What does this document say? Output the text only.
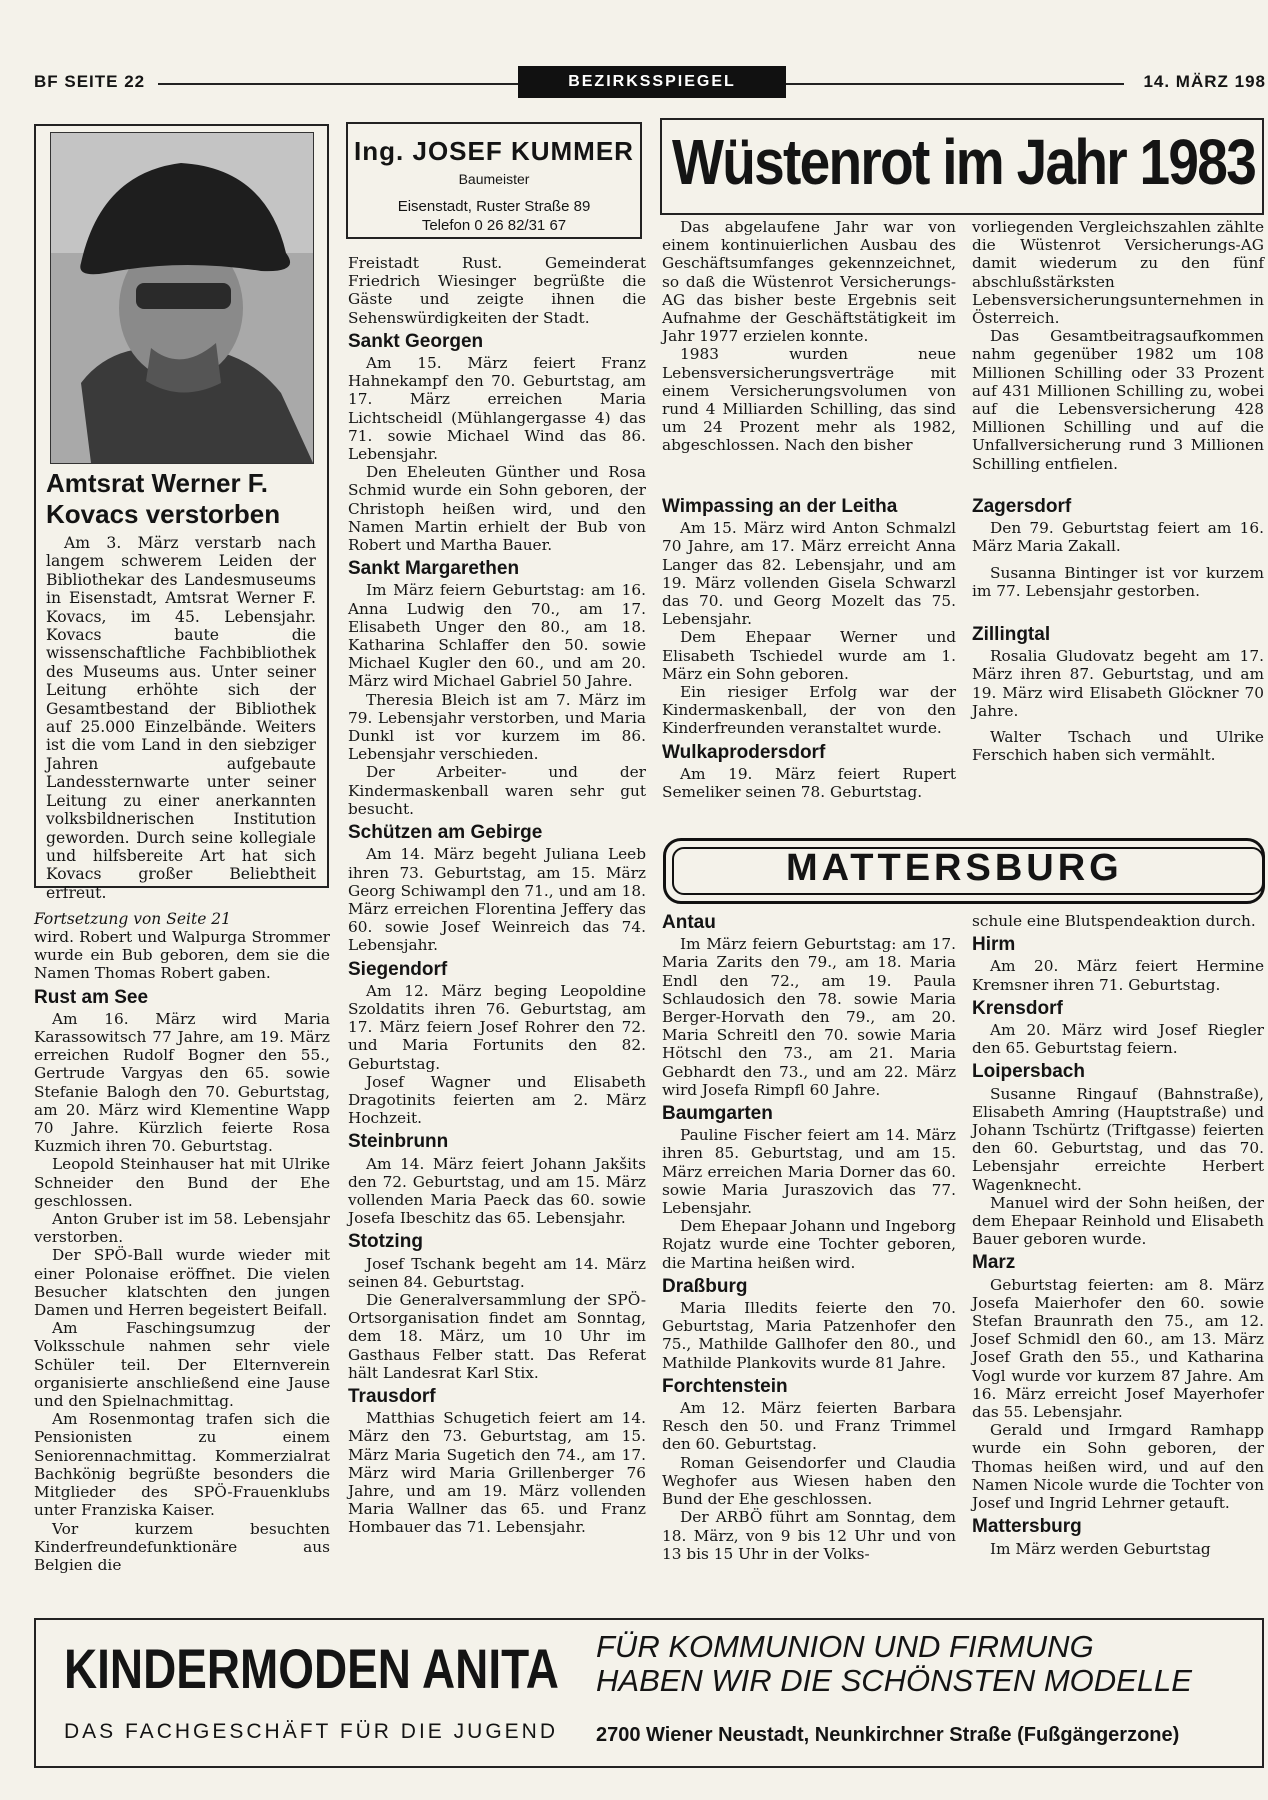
BF SEITE 22	BEZIRKSSPIEGEL	14. MÄRZ 198
Amtsrat Werner F. Kovacs verstorben

Am 3. März verstarb nach langem schwerem Leiden der Bibliothekar des Landesmuseums in Eisenstadt, Amtsrat Werner F. Kovacs, im 45. Lebensjahr. Kovacs baute die wissenschaftliche Fachbibliothek des Museums aus. Unter seiner Leitung erhöhte sich der Gesamtbestand der Bibliothek auf 25.000 Einzelbände. Weiters ist die vom Land in den siebziger Jahren aufgebaute Landessternwarte unter seiner Leitung zu einer anerkannten volksbildnerischen Institution geworden. Durch seine kollegiale und hilfsbereite Art hat sich Kovacs großer Beliebtheit erfreut.

Fortsetzung von Seite 21

wird. Robert und Walpurga Strommer wurde ein Bub geboren, dem sie die Namen Thomas Robert gaben.

Rust am See

Am 16. März wird Maria Karassowitsch 77 Jahre, am 19. März erreichen Rudolf Bogner den 55., Gertrude Vargyas den 65. sowie Stefanie Balogh den 70. Geburtstag, am 20. März wird Klementine Wapp 70 Jahre. Kürzlich feierte Rosa Kuzmich ihren 70. Geburtstag.

Leopold Steinhauser hat mit Ulrike Schneider den Bund der Ehe geschlossen.

Anton Gruber ist im 58. Lebensjahr verstorben.

Der SPÖ-Ball wurde wieder mit einer Polonaise eröffnet. Die vielen Besucher klatschten den jungen Damen und Herren begeistert Beifall.

Am Faschingsumzug der Volksschule nahmen sehr viele Schüler teil. Der Elternverein organisierte anschließend eine Jause und den Spielnachmittag.

Am Rosenmontag trafen sich die Pensionisten zu einem Seniorennachmittag. Kommerzialrat Bachkönig begrüßte besonders die Mitglieder des SPÖ-Frauenklubs unter Franziska Kaiser.

Vor kurzem besuchten Kinderfreundefunktionäre aus Belgien die

Ing. JOSEF KUMMER
Baumeister
Eisenstadt, Ruster Straße 89
Telefon 0 26 82/31 67

Freistadt Rust. Gemeinderat Friedrich Wiesinger begrüßte die Gäste und zeigte ihnen die Sehenswürdigkeiten der Stadt.

Sankt Georgen

Am 15. März feiert Franz Hahnekampf den 70. Geburtstag, am 17. März erreichen Maria Lichtscheidl (Mühlangergasse 4) das 71. sowie Michael Wind das 86. Lebensjahr.

Den Eheleuten Günther und Rosa Schmid wurde ein Sohn geboren, der Christoph heißen wird, und den Namen Martin erhielt der Bub von Robert und Martha Bauer.

Sankt Margarethen

Im März feiern Geburtstag: am 16. Anna Ludwig den 70., am 17. Elisabeth Unger den 80., am 18. Katharina Schlaffer den 50. sowie Michael Kugler den 60., und am 20. März wird Michael Gabriel 50 Jahre.

Theresia Bleich ist am 7. März im 79. Lebensjahr verstorben, und Maria Dunkl ist vor kurzem im 86. Lebensjahr verschieden.

Der Arbeiter- und der Kindermaskenball waren sehr gut besucht.

Schützen am Gebirge

Am 14. März begeht Juliana Leeb ihren 73. Geburtstag, am 15. März Georg Schiwampl den 71., und am 18. März erreichen Florentina Jeffery das 60. sowie Josef Weinreich das 74. Lebensjahr.

Siegendorf

Am 12. März beging Leopoldine Szoldatits ihren 76. Geburtstag, am 17. März feiern Josef Rohrer den 72. und Maria Fortunits den 82. Geburtstag.

Josef Wagner und Elisabeth Dragotinits feierten am 2. März Hochzeit.

Steinbrunn

Am 14. März feiert Johann Jakšits den 72. Geburtstag, und am 15. März vollenden Maria Paeck das 60. sowie Josefa Ibeschitz das 65. Lebensjahr.

Stotzing

Josef Tschank begeht am 14. März seinen 84. Geburtstag.

Die Generalversammlung der SPÖ-Ortsorganisation findet am Sonntag, dem 18. März, um 10 Uhr im Gasthaus Felber statt. Das Referat hält Landesrat Karl Stix.

Trausdorf

Matthias Schugetich feiert am 14. März den 73. Geburtstag, am 15. März Maria Sugetich den 74., am 17. März wird Maria Grillenberger 76 Jahre, und am 19. März vollenden Maria Wallner das 65. und Franz Hombauer das 71. Lebensjahr.

Wüstenrot im Jahr 1983

Das abgelaufene Jahr war von einem kontinuierlichen Ausbau des Geschäftsumfanges gekennzeichnet, so daß die Wüstenrot Versicherungs-AG das bisher beste Ergebnis seit Aufnahme der Geschäftstätigkeit im Jahr 1977 erzielen konnte.

1983 wurden neue Lebensversicherungsverträge mit einem Versicherungsvolumen von rund 4 Milliarden Schilling, das sind um 24 Prozent mehr als 1982, abgeschlossen. Nach den bisher

vorliegenden Vergleichszahlen zählte die Wüstenrot Versicherungs-AG damit wiederum zu den fünf abschlußstärksten Lebensversicherungsunternehmen in Österreich.

Das Gesamtbeitragsaufkommen nahm gegenüber 1982 um 108 Millionen Schilling oder 33 Prozent auf 431 Millionen Schilling zu, wobei auf die Lebensversicherung 428 Millionen Schilling und auf die Unfallversicherung rund 3 Millionen Schilling entfielen.

Wimpassing an der Leitha

Am 15. März wird Anton Schmalzl 70 Jahre, am 17. März erreicht Anna Langer das 82. Lebensjahr, und am 19. März vollenden Gisela Schwarzl das 70. und Georg Mozelt das 75. Lebensjahr.

Dem Ehepaar Werner und Elisabeth Tschiedel wurde am 1. März ein Sohn geboren.

Ein riesiger Erfolg war der Kindermaskenball, der von den Kinderfreunden veranstaltet wurde.

Wulkaprodersdorf

Am 19. März feiert Rupert Semeliker seinen 78. Geburtstag.

Zagersdorf

Den 79. Geburtstag feiert am 16. März Maria Zakall.

Susanna Bintinger ist vor kurzem im 77. Lebensjahr gestorben.

Zillingtal

Rosalia Gludovatz begeht am 17. März ihren 87. Geburtstag, und am 19. März wird Elisabeth Glöckner 70 Jahre.

Walter Tschach und Ulrike Ferschich haben sich vermählt.

MATTERSBURG
Antau

Im März feiern Geburtstag: am 17. Maria Zarits den 79., am 18. Maria Endl den 72., am 19. Paula Schlaudosich den 78. sowie Maria Berger-Horvath den 79., am 20. Maria Schreitl den 70. sowie Maria Hötschl den 73., am 21. Maria Gebhardt den 73., und am 22. März wird Josefa Rimpfl 60 Jahre.

Baumgarten

Pauline Fischer feiert am 14. März ihren 85. Geburtstag, und am 15. März erreichen Maria Dorner das 60. sowie Maria Juraszovich das 77. Lebensjahr.

Dem Ehepaar Johann und Ingeborg Rojatz wurde eine Tochter geboren, die Martina heißen wird.

Draßburg

Maria Illedits feierte den 70. Geburtstag, Maria Patzenhofer den 75., Mathilde Gallhofer den 80., und Mathilde Plankovits wurde 81 Jahre.

Forchtenstein

Am 12. März feierten Barbara Resch den 50. und Franz Trimmel den 60. Geburtstag.

Roman Geisendorfer und Claudia Weghofer aus Wiesen haben den Bund der Ehe geschlossen.

Der ARBÖ führt am Sonntag, dem 18. März, von 9 bis 12 Uhr und von 13 bis 15 Uhr in der Volks-

schule eine Blutspendeaktion durch.

Hirm

Am 20. März feiert Hermine Kremsner ihren 71. Geburtstag.

Krensdorf

Am 20. März wird Josef Riegler den 65. Geburtstag feiern.

Loipersbach

Susanne Ringauf (Bahnstraße), Elisabeth Amring (Hauptstraße) und Johann Tschürtz (Triftgasse) feierten den 60. Geburtstag, und das 70. Lebensjahr erreichte Herbert Wagenknecht.

Manuel wird der Sohn heißen, der dem Ehepaar Reinhold und Elisabeth Bauer geboren wurde.

Marz

Geburtstag feierten: am 8. März Josefa Maierhofer den 60. sowie Stefan Braunrath den 75., am 12. Josef Schmidl den 60., am 13. März Josef Grath den 55., und Katharina Vogl wurde vor kurzem 87 Jahre. Am 16. März erreicht Josef Mayerhofer das 55. Lebensjahr.

Gerald und Irmgard Ramhapp wurde ein Sohn geboren, der Thomas heißen wird, und auf den Namen Nicole wurde die Tochter von Josef und Ingrid Lehrner getauft.

Mattersburg

Im März werden Geburtstag

KINDERMODEN ANITA
DAS FACHGESCHÄFT FÜR DIE JUGEND
FÜR KOMMUNION UND FIRMUNG
HABEN WIR DIE SCHÖNSTEN MODELLE
2700 Wiener Neustadt, Neunkirchner Straße (Fußgängerzone)
